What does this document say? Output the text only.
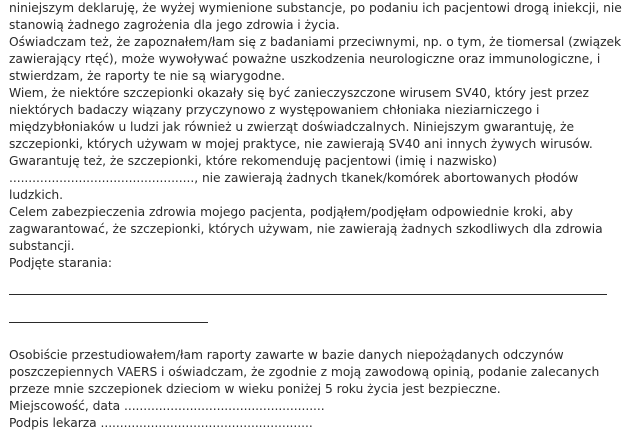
niniejszym deklaruję, że wyżej wymienione substancje, po podaniu ich pacjentowi drogą iniekcji, nie

stanowią żadnego zagrożenia dla jego zdrowia i życia.

Oświadczam też, że zapoznałem/łam się z badaniami przeciwnymi, np. o tym, że tiomersal (związek

zawierający rtęć), może wywoływać poważne uszkodzenia neurologiczne oraz immunologiczne, i

stwierdzam, że raporty te nie są wiarygodne.

Wiem, że niektóre szczepionki okazały się być zanieczyszczone wirusem SV40, który jest przez

niektórych badaczy wiązany przyczynowo z występowaniem chłoniaka nieziarniczego i

międzybłoniaków u ludzi jak również u zwierząt doświadczalnych. Niniejszym gwarantuję, że

szczepionki, których używam w mojej praktyce, nie zawierają SV40 ani innych żywych wirusów.

Gwarantuję też, że szczepionki, które rekomenduję pacjentowi (imię i nazwisko)

................................................, nie zawierają żadnych tkanek/komórek abortowanych płodów

ludzkich.

Celem zabezpieczenia zdrowia mojego pacjenta, podjąłem/podjęłam odpowiednie kroki, aby

zagwarantować, że szczepionki, których używam, nie zawierają żadnych szkodliwych dla zdrowia

substancji.

Podjęte starania:

Osobiście przestudiowałem/łam raporty zawarte w bazie danych niepożądanych odczynów

poszczepiennych VAERS i oświadczam, że zgodnie z moją zawodową opinią, podanie zalecanych

przeze mnie szczepionek dzieciom w wieku poniżej 5 roku życia jest bezpieczne.

Miejscowość, data ....................................................

Podpis lekarza .......................................................
